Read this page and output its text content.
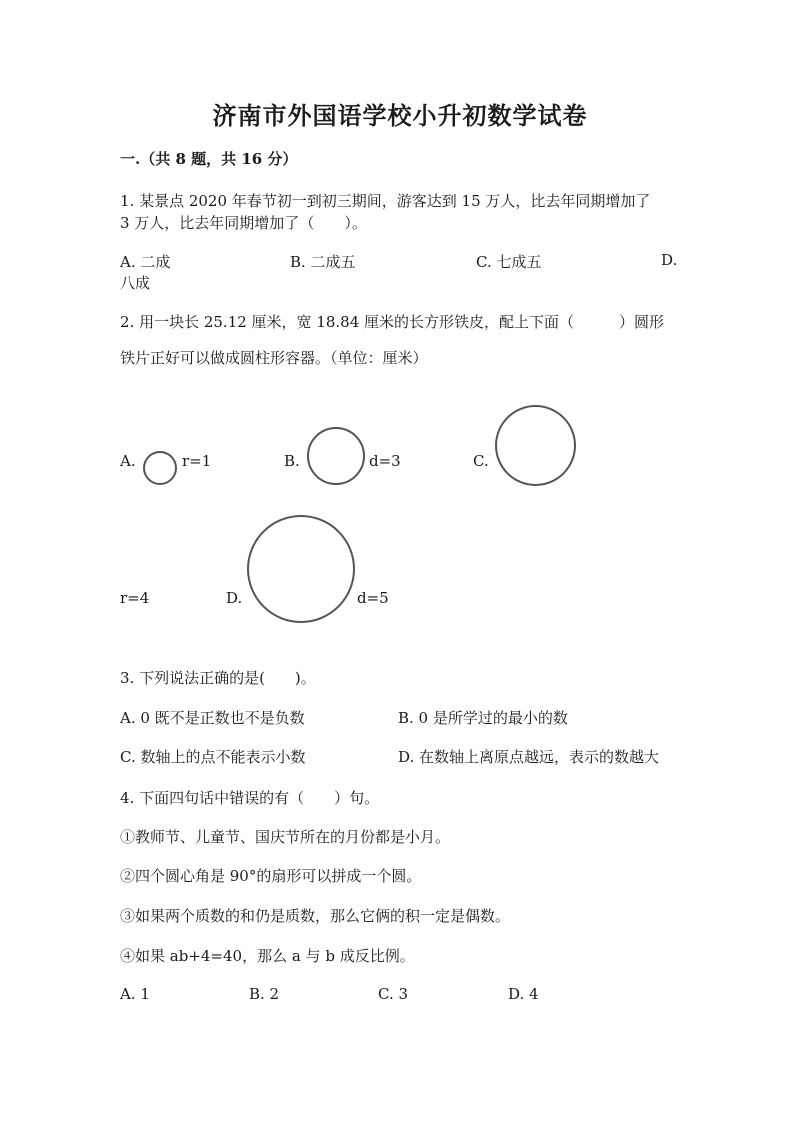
济南市外国语学校小升初数学试卷
一.（共 8 题，共 16 分）
1. 某景点 2020 年春节初一到初三期间，游客达到 15 万人，比去年同期增加了
3 万人，比去年同期增加了（　　）。
A. 二成	B. 二成五	C. 七成五	D.
八成
2. 用一块长 25.12 厘米，宽 18.84 厘米的长方形铁皮，配上下面（　　　）圆形
铁片正好可以做成圆柱形容器。（单位：厘米）
A.	r=1	B.	d=3	C.
r=4	D.	d=5
3. 下列说法正确的是(　　)。
A. 0 既不是正数也不是负数	B. 0 是所学过的最小的数
C. 数轴上的点不能表示小数	D. 在数轴上离原点越远，表示的数越大
4. 下面四句话中错误的有（　　）句。
①教师节、儿童节、国庆节所在的月份都是小月。
②四个圆心角是 90°的扇形可以拼成一个圆。
③如果两个质数的和仍是质数，那么它俩的积一定是偶数。
④如果 ab+4=40，那么 a 与 b 成反比例。
A. 1	B. 2	C. 3	D. 4
